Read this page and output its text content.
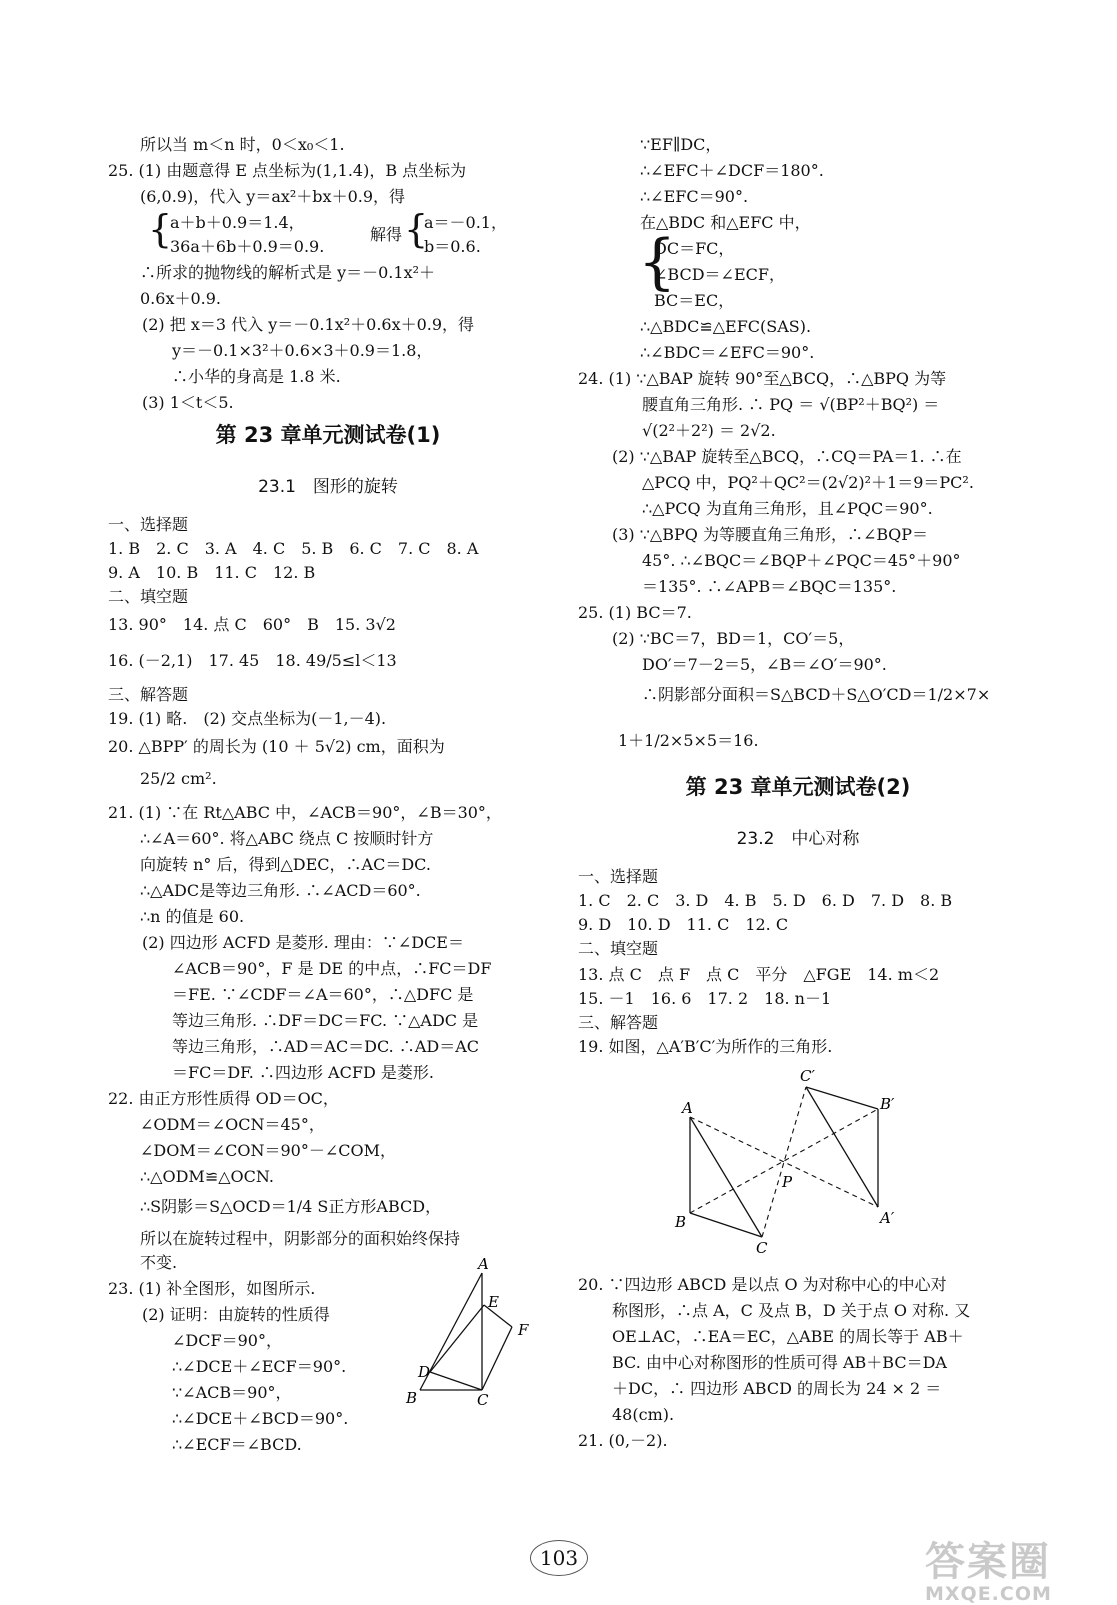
所以当 m＜n 时，0＜x₀＜1.
25. (1) 由题意得 E 点坐标为(1,1.4)，B 点坐标为
(6,0.9)，代入 y＝ax²＋bx＋0.9，得
{
a＋b＋0.9＝1.4，
解得 {
a＝－0.1，
36a＋6b＋0.9＝0.9.	b＝0.6.
∴所求的抛物线的解析式是 y＝－0.1x²＋
0.6x＋0.9.
(2) 把 x＝3 代入 y＝－0.1x²＋0.6x＋0.9，得
y＝－0.1×3²＋0.6×3＋0.9＝1.8，
∴小华的身高是 1.8 米.
(3) 1＜t＜5.
第 23 章单元测试卷(1)
23.1　图形的旋转
一、选择题
1. B　2. C　3. A　4. C　5. B　6. C　7. C　8. A
9. A　10. B　11. C　12. B
二、填空题
13. 90°　14. 点 C　60°　B　15. 3√2
16. (－2,1)　17. 45　18. 49/5≤l＜13
三、解答题
19. (1) 略.　(2) 交点坐标为(－1,－4).
20. △BPP′ 的周长为 (10 ＋ 5√2) cm，面积为
25/2 cm².
21. (1) ∵在 Rt△ABC 中，∠ACB＝90°，∠B＝30°，
∴∠A＝60°. 将△ABC 绕点 C 按顺时针方
向旋转 n° 后，得到△DEC，∴AC＝DC.
∴△ADC是等边三角形. ∴∠ACD＝60°.
∴n 的值是 60.
(2) 四边形 ACFD 是菱形. 理由：∵∠DCE＝
∠ACB＝90°，F 是 DE 的中点，∴FC＝DF
＝FE. ∵∠CDF＝∠A＝60°，∴△DFC 是
等边三角形. ∴DF＝DC＝FC. ∵△ADC 是
等边三角形，∴AD＝AC＝DC. ∴AD＝AC
＝FC＝DF. ∴四边形 ACFD 是菱形.
22. 由正方形性质得 OD＝OC，
∠ODM＝∠OCN＝45°，
∠DOM＝∠CON＝90°－∠COM，
∴△ODM≌△OCN.
∴S阴影＝S△OCD＝1/4 S正方形ABCD，
所以在旋转过程中，阴影部分的面积始终保持
不变.
23. (1) 补全图形，如图所示.
(2) 证明：由旋转的性质得
∠DCF＝90°，
∴∠DCE＋∠ECF＝90°.
∵∠ACB＝90°，
∴∠DCE＋∠BCD＝90°.
∴∠ECF＝∠BCD.
A
E
F
D
B	C
∵EF∥DC，
∴∠EFC＋∠DCF＝180°.
∴∠EFC＝90°.
在△BDC 和△EFC 中，
{
DC＝FC，
∠BCD＝∠ECF，
BC＝EC，
∴△BDC≌△EFC(SAS).
∴∠BDC＝∠EFC＝90°.
24. (1) ∵△BAP 旋转 90°至△BCQ，∴△BPQ 为等
腰直角三角形. ∴ PQ ＝ √(BP²＋BQ²) ＝
√(2²＋2²) ＝ 2√2.
(2) ∵△BAP 旋转至△BCQ，∴CQ＝PA＝1. ∴在
△PCQ 中，PQ²＋QC²＝(2√2)²＋1＝9＝PC².
∴△PCQ 为直角三角形，且∠PQC＝90°.
(3) ∵△BPQ 为等腰直角三角形，∴∠BQP＝
45°. ∴∠BQC＝∠BQP＋∠PQC＝45°＋90°
＝135°. ∴∠APB＝∠BQC＝135°.
25. (1) BC＝7.
(2) ∵BC＝7，BD＝1，CO′＝5，
DO′＝7－2＝5，∠B＝∠O′＝90°.
∴阴影部分面积＝S△BCD＋S△O′CD＝1/2×7×
1＋1/2×5×5＝16.
第 23 章单元测试卷(2)
23.2　中心对称
一、选择题
1. C　2. C　3. D　4. B　5. D　6. D　7. D　8. B
9. D　10. D　11. C　12. C
二、填空题
13. 点 C　点 F　点 C　平分　△FGE　14. m＜2
15. －1　16. 6　17. 2　18. n－1
三、解答题
19. 如图，△A′B′C′为所作的三角形.
20. ∵四边形 ABCD 是以点 O 为对称中心的中心对
称图形，∴点 A，C 及点 B，D 关于点 O 对称. 又
OE⊥AC，∴EA＝EC，△ABE 的周长等于 AB＋
BC. 由中心对称图形的性质可得 AB＋BC＝DA
＋DC，∴ 四边形 ABCD 的周长为 24 × 2 ＝
48(cm).
21. (0,－2).
A
B
C
A′
B′
C′
P
103	答案圈
MXQE.COM
